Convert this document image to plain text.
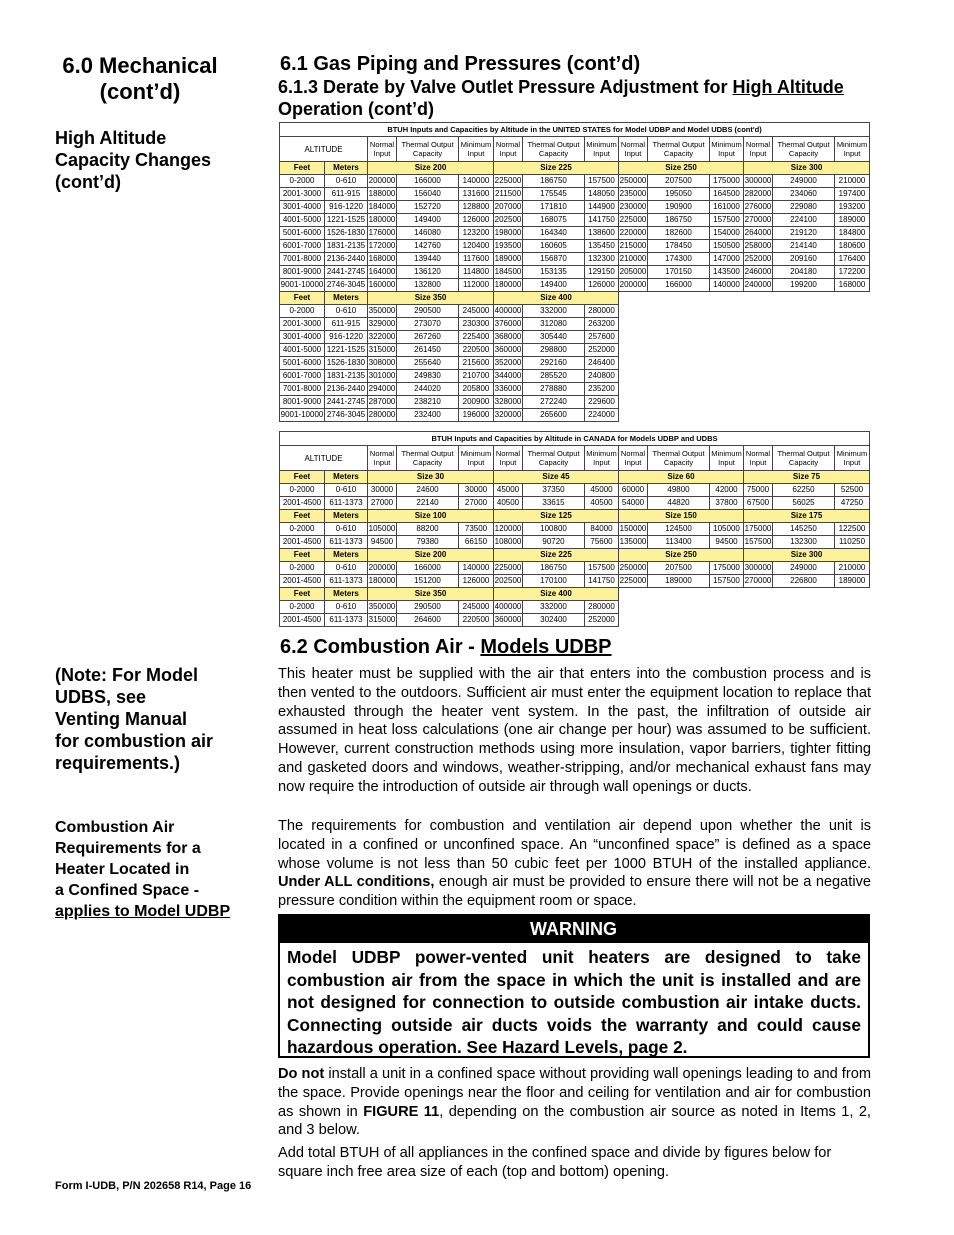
6.0 Mechanical
(cont’d)

High Altitude
Capacity Changes
(cont’d)

6.1 Gas Piping and Pressures (cont’d)
6.1.3 Derate by Valve Outlet Pressure Adjustment for High Altitude Operation (cont’d)
BTUH Inputs and Capacities by Altitude in the UNITED STATES for Model UDBP and Model UDBS (cont'd)													
ALTITUDE		Normal Input	Thermal Output Capacity	Minimum Input	Normal Input	Thermal Output Capacity	Minimum Input	Normal Input	Thermal Output Capacity	Minimum Input	Normal Input	Thermal Output Capacity	Minimum Input
Feet	Meters	Size 200			Size 225			Size 250			Size 300		
0-2000	0-610	200000	166000	140000	225000	186750	157500	250000	207500	175000	300000	249000	210000
2001-3000	611-915	188000	156040	131600	211500	175545	148050	235000	195050	164500	282000	234060	197400
3001-4000	916-1220	184000	152720	128800	207000	171810	144900	230000	190900	161000	276000	229080	193200
4001-5000	1221-1525	180000	149400	126000	202500	168075	141750	225000	186750	157500	270000	224100	189000
5001-6000	1526-1830	176000	146080	123200	198000	164340	138600	220000	182600	154000	264000	219120	184800
6001-7000	1831-2135	172000	142760	120400	193500	160605	135450	215000	178450	150500	258000	214140	180600
7001-8000	2136-2440	168000	139440	117600	189000	156870	132300	210000	174300	147000	252000	209160	176400
8001-9000	2441-2745	164000	136120	114800	184500	153135	129150	205000	170150	143500	246000	204180	172200
9001-10000	2746-3045	160000	132800	112000	180000	149400	126000	200000	166000	140000	240000	199200	168000
Feet	Meters	Size 350			Size 400								
0-2000	0-610	350000	290500	245000	400000	332000	280000						
2001-3000	611-915	329000	273070	230300	376000	312080	263200						
3001-4000	916-1220	322000	267260	225400	368000	305440	257600						
4001-5000	1221-1525	315000	261450	220500	360000	298800	252000						
5001-6000	1526-1830	308000	255640	215600	352000	292160	246400						
6001-7000	1831-2135	301000	249830	210700	344000	285520	240800						
7001-8000	2136-2440	294000	244020	205800	336000	278880	235200						
8001-9000	2441-2745	287000	238210	200900	328000	272240	229600						
9001-10000	2746-3045	280000	232400	196000	320000	265600	224000						
BTUH Inputs and Capacities by Altitude in CANADA for Models UDBP and UDBS													
ALTITUDE		Normal Input	Thermal Output Capacity	Minimum Input	Normal Input	Thermal Output Capacity	Minimum Input	Normal Input	Thermal Output Capacity	Minimum Input	Normal Input	Thermal Output Capacity	Minimum Input
Feet	Meters	Size 30			Size 45			Size 60			Size 75		
0-2000	0-610	30000	24600	30000	45000	37350	45000	60000	49800	42000	75000	62250	52500
2001-4500	611-1373	27000	22140	27000	40500	33615	40500	54000	44820	37800	67500	56025	47250
Feet	Meters	Size 100			Size 125			Size 150			Size 175		
0-2000	0-610	105000	88200	73500	120000	100800	84000	150000	124500	105000	175000	145250	122500
2001-4500	611-1373	94500	79380	66150	108000	90720	75600	135000	113400	94500	157500	132300	110250
Feet	Meters	Size 200			Size 225			Size 250			Size 300		
0-2000	0-610	200000	166000	140000	225000	186750	157500	250000	207500	175000	300000	249000	210000
2001-4500	611-1373	180000	151200	126000	202500	170100	141750	225000	189000	157500	270000	226800	189000
Feet	Meters	Size 350			Size 400								
0-2000	0-610	350000	290500	245000	400000	332000	280000						
2001-4500	611-1373	315000	264600	220500	360000	302400	252000						
6.2 Combustion Air - Models UDBP

(Note: For Model
UDBS, see
Venting Manual
for combustion air
requirements.)

This heater must be supplied with the air that enters into the combustion process and is then vented to the outdoors. Sufficient air must enter the equipment location to replace that exhausted through the heater vent system. In the past, the infiltration of outside air assumed in heat loss calculations (one air change per hour) was assumed to be sufficient. However, current construction methods using more insulation, vapor barriers, tighter fitting and gasketed doors and windows, weather-stripping, and/or mechanical exhaust fans may now require the introduction of outside air through wall openings or ducts.

Combustion Air
Requirements for a
Heater Located in
a Confined Space -
applies to Model UDBP

The requirements for combustion and ventilation air depend upon whether the unit is located in a confined or unconfined space. An “unconfined space” is defined as a space whose volume is not less than 50 cubic feet per 1000 BTUH of the installed appliance. Under ALL conditions, enough air must be provided to ensure there will not be a negative pressure condition within the equipment room or space.

WARNING
Model UDBP power-vented unit heaters are designed to take combustion air from the space in which the unit is installed and are not designed for connection to outside combustion air intake ducts. Connecting outside air ducts voids the warranty and could cause hazardous operation. See Hazard Levels, page 2.

Do not install a unit in a confined space without providing wall openings leading to and from the space. Provide openings near the floor and ceiling for ventilation and air for combustion as shown in FIGURE 11, depending on the combustion air source as noted in Items 1, 2, and 3 below.

Add total BTUH of all appliances in the confined space and divide by figures below for square inch free area size of each (top and bottom) opening.

Form I-UDB, P/N 202658 R14, Page 16
